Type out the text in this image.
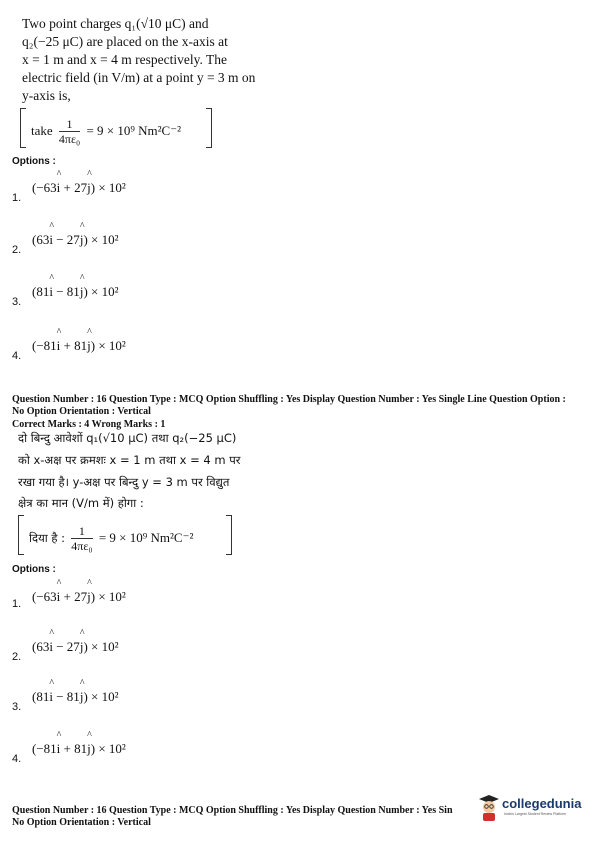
Two point charges q₁(√10 μC) and
q₂(−25 μC) are placed on the x-axis at
x = 1 m and x = 4 m respectively. The
electric field (in V/m) at a point y = 3 m on
y-axis is,
take $\frac{1}{\text{4πε₀}} = 9 \times 10^9$ Nm²C⁻²
Options :
(−63^ i + 27^ j) × 10²
1.
(63^ i − 27^ j) × 10²
2.
(81^ i − 81^ j) × 10²
3.
(−81^ i + 81^ j) × 10²
4.
Question Number : 16 Question Type : MCQ Option Shuffling : Yes Display Question Number : Yes Single Line Question Option :
No Option Orientation : Vertical
Correct Marks : 4 Wrong Marks : 1
दो बिन्दु आवेशों q₁(√10 μC) तथा q₂(−25 μC)
को x-अक्ष पर क्रमशः x = 1 m तथा x = 4 m पर
रखा गया है। y-अक्ष पर बिन्दु y = 3 m पर विद्युत
क्षेत्र का मान (V/m में) होगा :
दिया है : $\frac{1}{\text{4πε₀}} = 9 \times 10^9$ Nm²C⁻²
Options :
(−63^ i + 27^ j) × 10²
1.
(63^ i − 27^ j) × 10²
2.
(81^ i − 81^ j) × 10²
3.
(−81^ i + 81^ j) × 10²
4.
Question Number : 16 Question Type : MCQ Option Shuffling : Yes Display Question Number : Yes Sin
No Option Orientation : Vertical
collegedunia
India's Largest Student Review Platform
